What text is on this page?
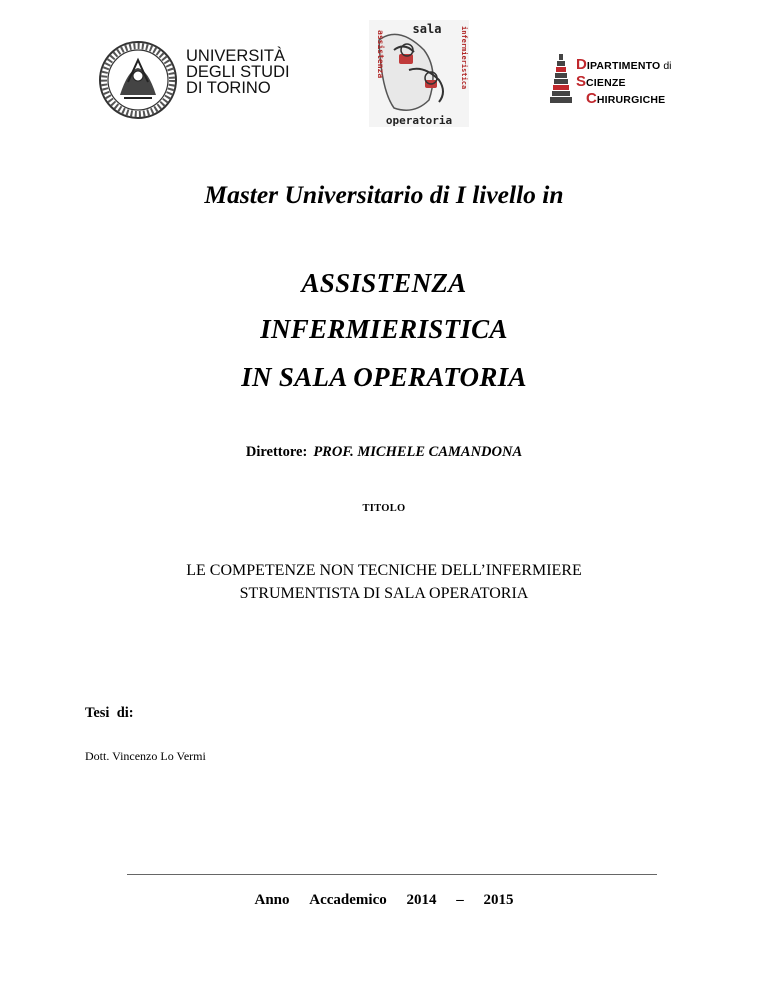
UNIVERSITÀ
DEGLI STUDI
DI TORINO
sala
operatoria
assistenza	infermieristica	DIPARTIMENTO di
SCIENZE
CHIRURGICHE
Master Universitario di I livello in
ASSISTENZA
INFERMIERISTICA
IN SALA OPERATORIA
Direttore: PROF. MICHELE CAMANDONA
TITOLO
LE COMPETENZE NON TECNICHE DELL’INFERMIERE
STRUMENTISTA DI SALA OPERATORIA
Tesi  di:
Dott. Vincenzo Lo Vermi
Anno Accademico 2014 – 2015
